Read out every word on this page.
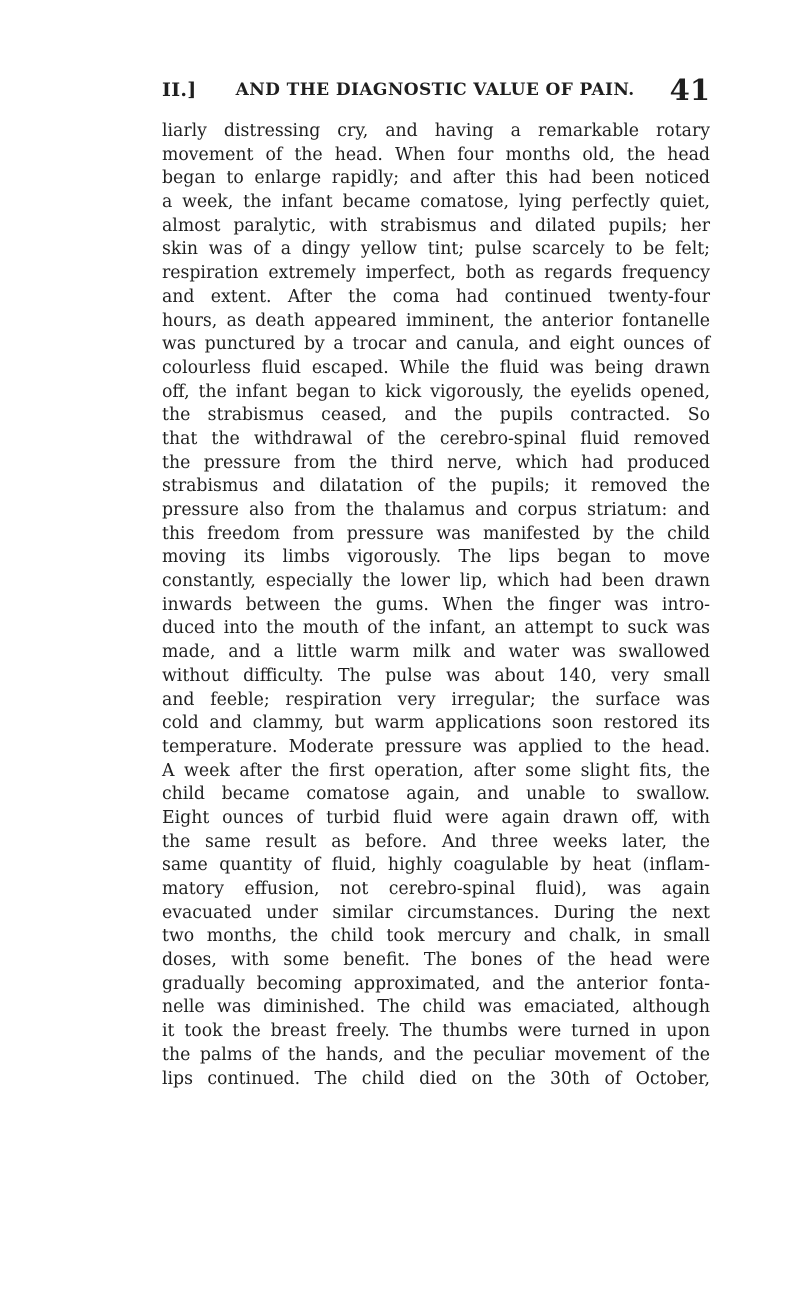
II.]	AND THE DIAGNOSTIC VALUE OF PAIN.	41
liarly distressing cry, and having a remarkable rotary
movement of the head. When four months old, the head
began to enlarge rapidly; and after this had been noticed
a week, the infant became comatose, lying perfectly quiet,
almost paralytic, with strabismus and dilated pupils; her
skin was of a dingy yellow tint; pulse scarcely to be felt;
respiration extremely imperfect, both as regards frequency
and extent. After the coma had continued twenty-four
hours, as death appeared imminent, the anterior fontanelle
was punctured by a trocar and canula, and eight ounces of
colourless fluid escaped. While the fluid was being drawn
off, the infant began to kick vigorously, the eyelids opened,
the strabismus ceased, and the pupils contracted. So
that the withdrawal of the cerebro-spinal fluid removed
the pressure from the third nerve, which had produced
strabismus and dilatation of the pupils; it removed the
pressure also from the thalamus and corpus striatum: and
this freedom from pressure was manifested by the child
moving its limbs vigorously. The lips began to move
constantly, especially the lower lip, which had been drawn
inwards between the gums. When the finger was intro-
duced into the mouth of the infant, an attempt to suck was
made, and a little warm milk and water was swallowed
without difficulty. The pulse was about 140, very small
and feeble; respiration very irregular; the surface was
cold and clammy, but warm applications soon restored its
temperature. Moderate pressure was applied to the head.
A week after the first operation, after some slight fits, the
child became comatose again, and unable to swallow.
Eight ounces of turbid fluid were again drawn off, with
the same result as before. And three weeks later, the
same quantity of fluid, highly coagulable by heat (inflam-
matory effusion, not cerebro-spinal fluid), was again
evacuated under similar circumstances. During the next
two months, the child took mercury and chalk, in small
doses, with some benefit. The bones of the head were
gradually becoming approximated, and the anterior fonta-
nelle was diminished. The child was emaciated, although
it took the breast freely. The thumbs were turned in upon
the palms of the hands, and the peculiar movement of the
lips continued. The child died on the 30th of October,
